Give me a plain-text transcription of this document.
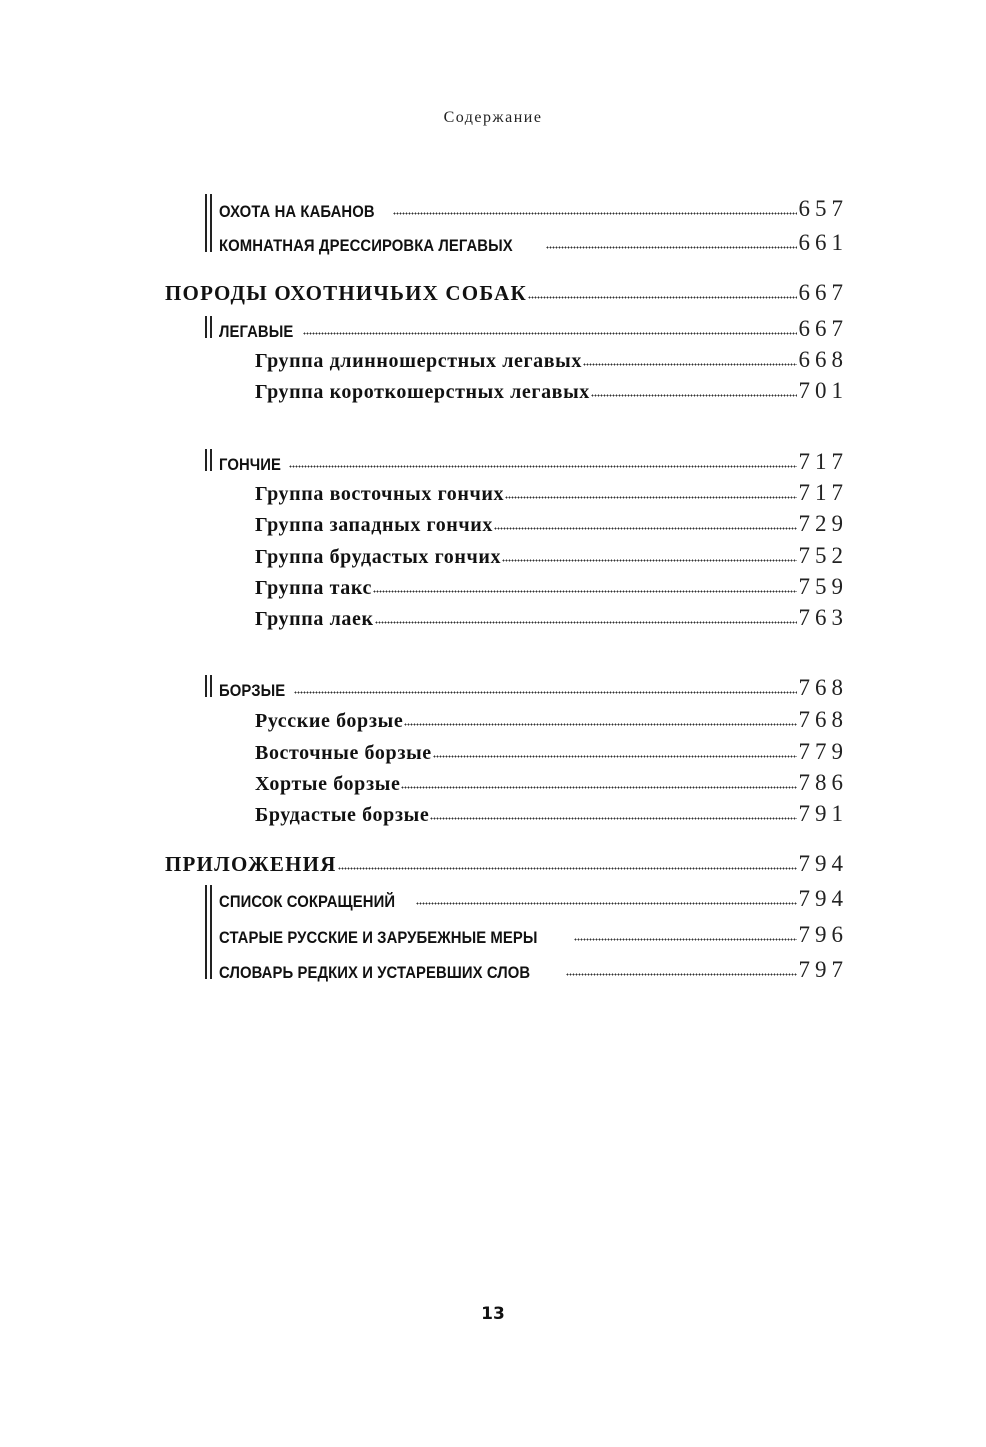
Содержание
ОХОТА НА КАБАНОВ	657
КОМНАТНАЯ ДРЕССИРОВКА ЛЕГАВЫХ	661
ПОРОДЫ ОХОТНИЧЬИХ СОБАК	667
ЛЕГАВЫЕ	667
Группа длинношерстных легавых	668
Группа короткошерстных легавых	701
ГОНЧИЕ	717
Группа восточных гончих	717
Группа западных гончих	729
Группа брудастых гончих	752
Группа такс	759
Группа лаек	763
БОРЗЫЕ	768
Русские борзые	768
Восточные борзые	779
Хортые борзые	786
Брудастые борзые	791
ПРИЛОЖЕНИЯ	794
СПИСОК СОКРАЩЕНИЙ	794
СТАРЫЕ РУССКИЕ И ЗАРУБЕЖНЫЕ МЕРЫ	796
СЛОВАРЬ РЕДКИХ И УСТАРЕВШИХ СЛОВ	797
13
